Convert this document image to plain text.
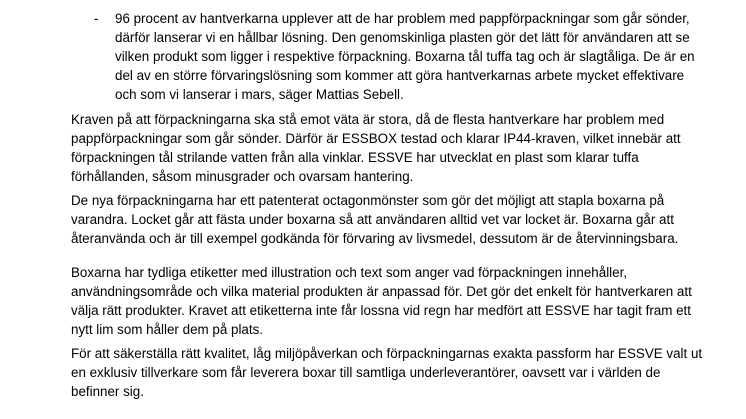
- 96 procent av hantverkarna upplever att de har problem med pappförpackningar som går sönder,
därför lanserar vi en hållbar lösning. Den genomskinliga plasten gör det lätt för användaren att se
vilken produkt som ligger i respektive förpackning. Boxarna tål tuffa tag och är slagtåliga. De är en
del av en större förvaringslösning som kommer att göra hantverkarnas arbete mycket effektivare
och som vi lanserar i mars, säger Mattias Sebell.
Kraven på att förpackningarna ska stå emot väta är stora, då de flesta hantverkare har problem med
pappförpackningar som går sönder. Därför är ESSBOX testad och klarar IP44-kraven, vilket innebär att
förpackningen tål strilande vatten från alla vinklar. ESSVE har utvecklat en plast som klarar tuffa
förhållanden, såsom minusgrader och ovarsam hantering.
De nya förpackningarna har ett patenterat octagonmönster som gör det möjligt att stapla boxarna på
varandra. Locket går att fästa under boxarna så att användaren alltid vet var locket är. Boxarna går att
återanvända och är till exempel godkända för förvaring av livsmedel, dessutom är de återvinningsbara.
Boxarna har tydliga etiketter med illustration och text som anger vad förpackningen innehåller,
användningsområde och vilka material produkten är anpassad för. Det gör det enkelt för hantverkaren att
välja rätt produkter. Kravet att etiketterna inte får lossna vid regn har medfört att ESSVE har tagit fram ett
nytt lim som håller dem på plats.
För att säkerställa rätt kvalitet, låg miljöpåverkan och förpackningarnas exakta passform har ESSVE valt ut
en exklusiv tillverkare som får leverera boxar till samtliga underleverantörer, oavsett var i världen de
befinner sig.
